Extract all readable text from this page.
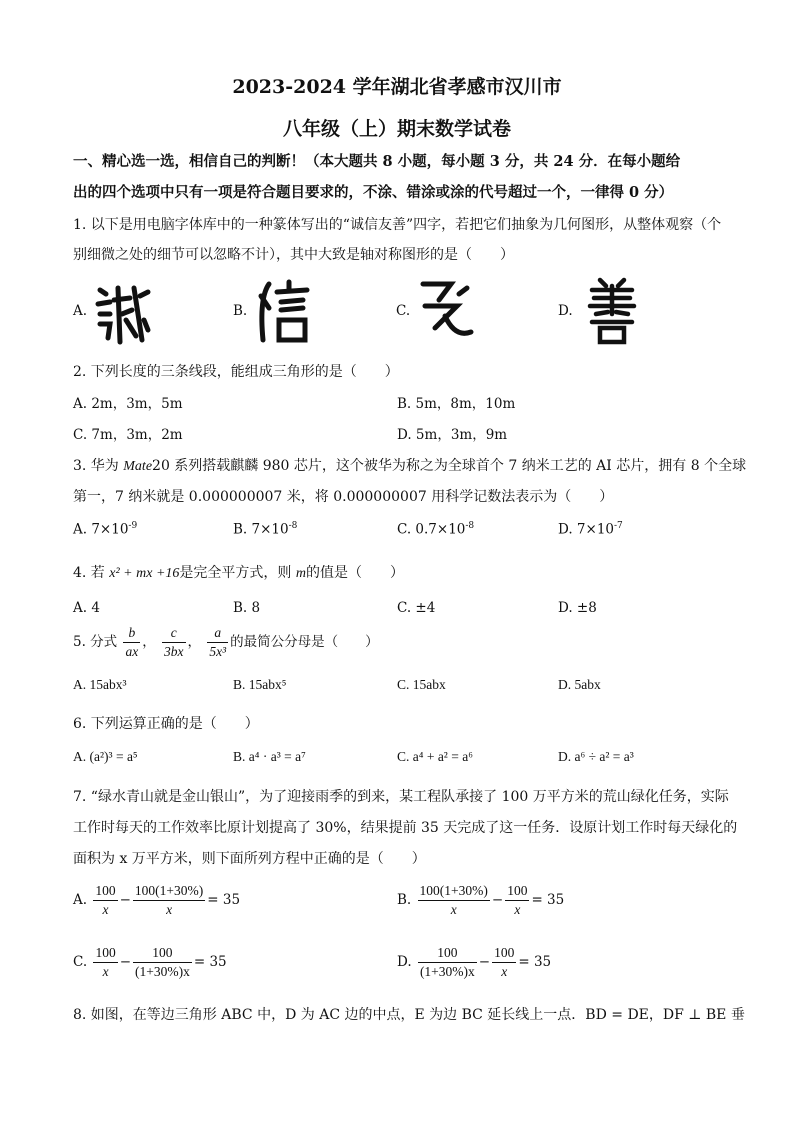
2023-2024 学年湖北省孝感市汉川市
八年级（上）期末数学试卷
一、精心选一选，相信自己的判断！（本大题共 8 小题，每小题 3 分，共 24 分．在每小题给
出的四个选项中只有一项是符合题目要求的，不涂、错涂或涂的代号超过一个，一律得 0 分）
1. 以下是用电脑字体库中的一种篆体写出的“诚信友善”四字，若把它们抽象为几何图形，从整体观察（个
别细微之处的细节可以忽略不计），其中大致是轴对称图形的是（　　）
A.	B.	C.	D.
2. 下列长度的三条线段，能组成三角形的是（　　）
A. 2m，3m，5m	B. 5m，8m，10m
C. 7m，3m，2m	D. 5m，3m，9m
3. 华为 Mate20 系列搭载麒麟 980 芯片，这个被华为称之为全球首个 7 纳米工艺的 AI 芯片，拥有 8 个全球
第一，7 纳米就是 0.000000007 米，将 0.000000007 用科学记数法表示为（　　）
A. $7\times 10^{-9}$	B. $7\times 10^{-8}$	C. $0.7\times 10^{-8}$	D. $7\times 10^{-7}$
4. 若 x² + mx +16是完全平方式，则 m的值是（　　）
A. 4	B. 8	C. ±4	D. ±8
5. 分式 $\frac{b}{ax}$ ， $\frac{c}{3bx}$ ， $\frac{a}{\text{5x³}}$ 的最简公分母是（　　）
A. 15abx³	B. 15abx⁵	C. 15abx	D. 5abx
6. 下列运算正确的是（　　）
A. (a²)³ = a⁵	B. a⁴ · a³ = a⁷	C. a⁴ + a² = a⁶	D. a⁶ ÷ a² = a³
7. “绿水青山就是金山银山”，为了迎接雨季的到来，某工程队承接了 100 万平方米的荒山绿化任务，实际
工作时每天的工作效率比原计划提高了 30%，结果提前 35 天完成了这一任务．设原计划工作时每天绿化的
面积为 x 万平方米，则下面所列方程中正确的是（　　）
A. $\frac{100}{x} - \frac{100(1+30\%)}{x} = 35$	B. $\frac{100(1+30\%)}{x} - \frac{100}{x} = 35$
C. $\frac{100}{x} - \frac{100}{(1+30\%)x} = 35$	D. $\frac{100}{(1+30\%)x} - \frac{100}{x} = 35$
8. 如图，在等边三角形 ABC 中，D 为 AC 边的中点，E 为边 BC 延长线上一点．BD = DE，DF ⊥ BE 垂
